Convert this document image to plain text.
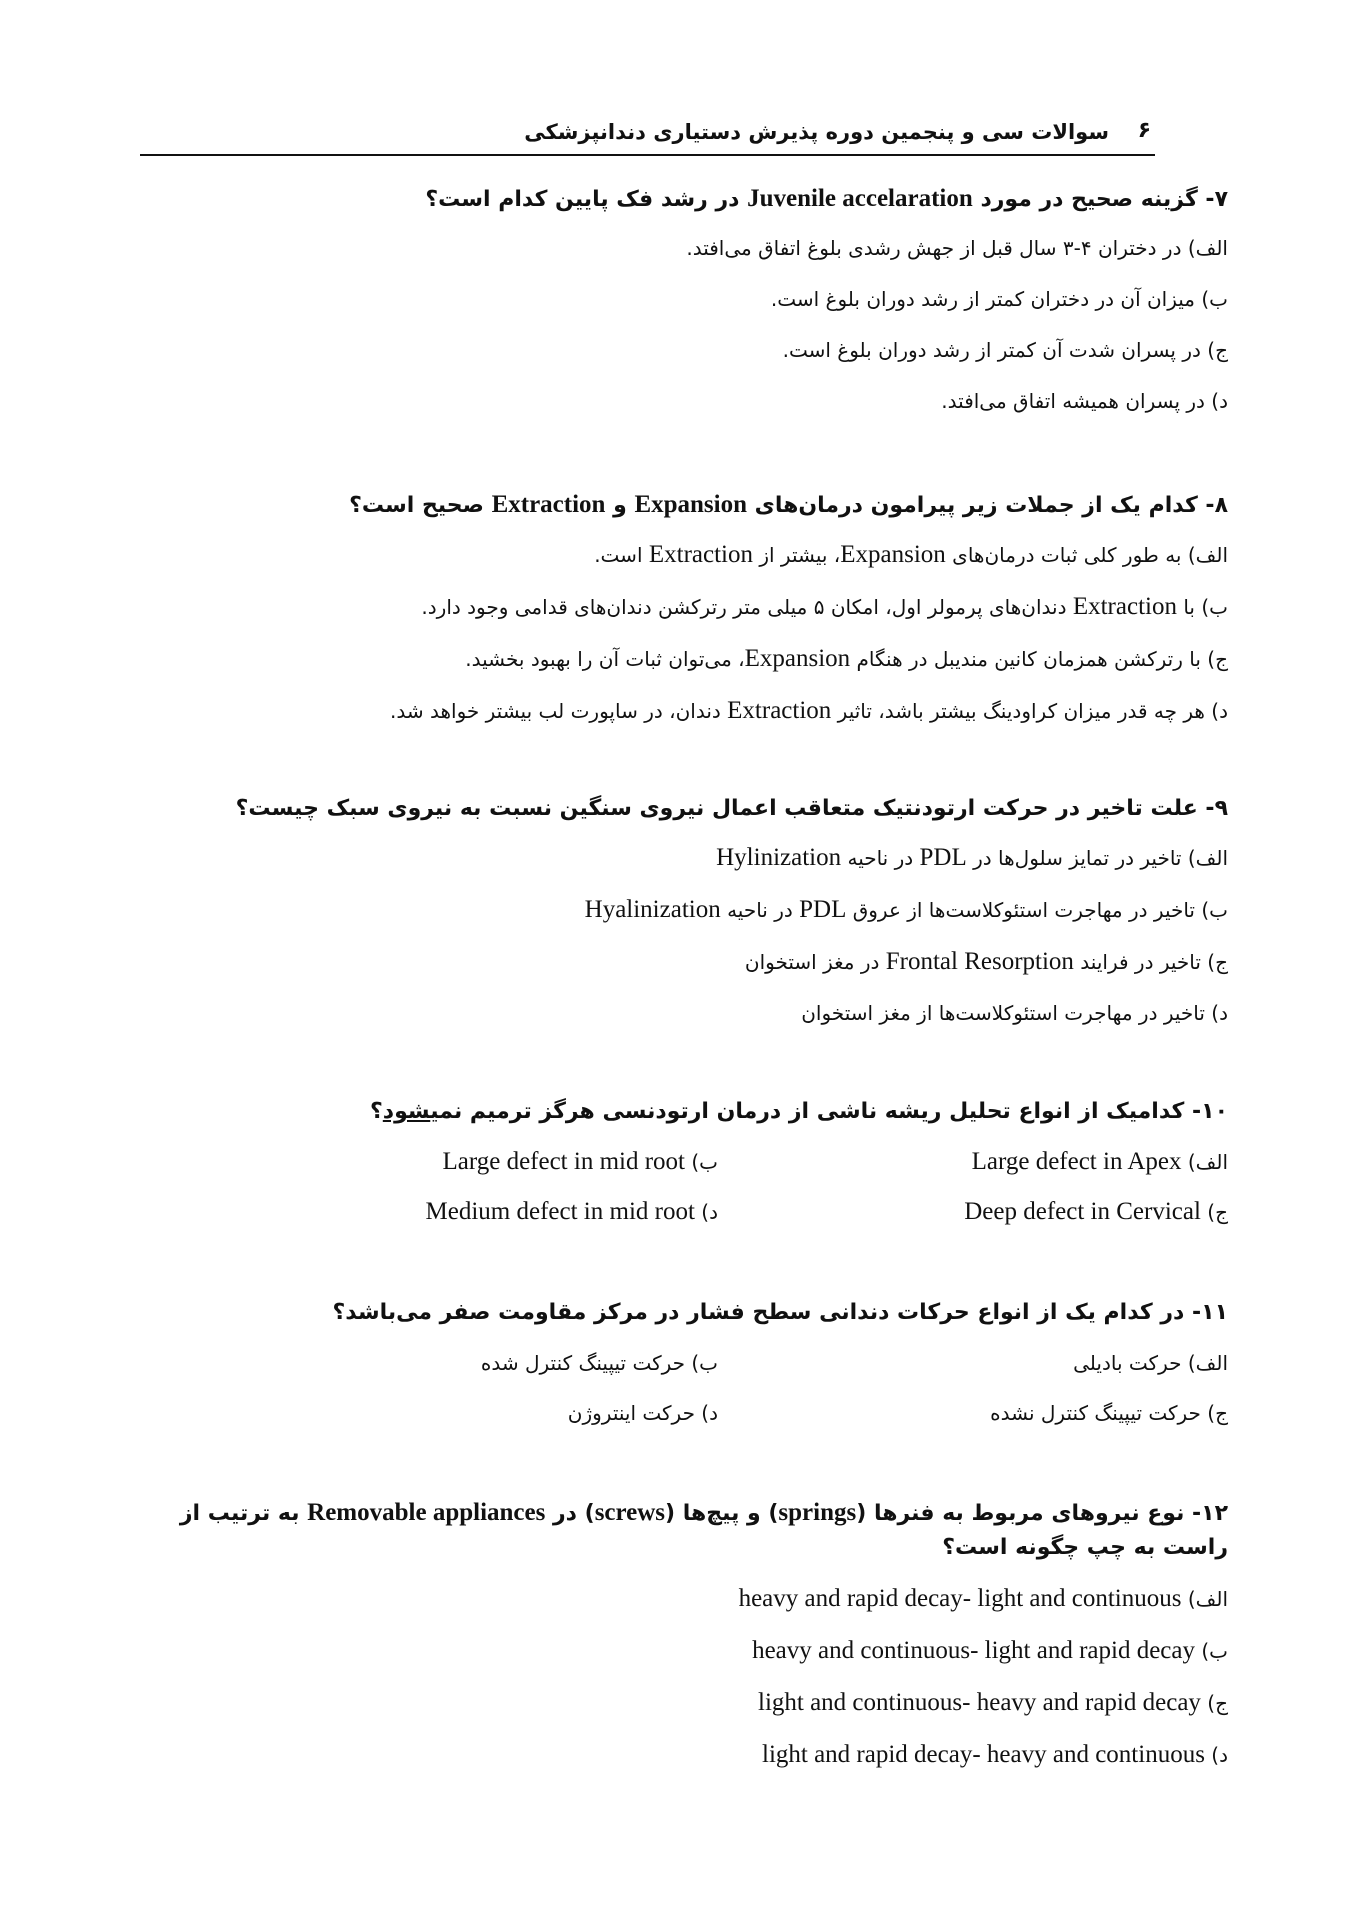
۶
سوالات سی و پنجمین دوره پذیرش دستیاری دندانپزشکی

۷- گزینه صحیح در مورد Juvenile accelaration در رشد فک پایین کدام است؟

الف) در دختران ۴-۳ سال قبل از جهش رشدی بلوغ اتفاق می‌افتد.
ب) میزان آن در دختران کمتر از رشد دوران بلوغ است.
ج) در پسران شدت آن کمتر از رشد دوران بلوغ است.
د) در پسران همیشه اتفاق می‌افتد.

۸- کدام یک از جملات زیر پیرامون درمان‌های Expansion و Extraction صحیح است؟

الف) به طور کلی ثبات درمان‌های Expansion، بیشتر از Extraction است.
ب) با Extraction دندان‌های پرمولر اول، امکان ۵ میلی متر رترکشن دندان‌های قدامی وجود دارد.
ج) با رترکشن همزمان کانین مندیبل در هنگام Expansion، می‌توان ثبات آن را بهبود بخشید.
د) هر چه قدر میزان کراودینگ بیشتر باشد، تاثیر Extraction دندان، در ساپورت لب بیشتر خواهد شد.

۹- علت تاخیر در حرکت ارتودنتیک متعاقب اعمال نیروی سنگین نسبت به نیروی سبک چیست؟

الف) تاخیر در تمایز سلول‌ها در PDL در ناحیه Hylinization
ب) تاخیر در مهاجرت استئوکلاست‌ها از عروق PDL در ناحیه Hyalinization
ج) تاخیر در فرایند Frontal Resorption در مغز استخوان
د) تاخیر در مهاجرت استئوکلاست‌ها از مغز استخوان

۱۰- کدامیک از انواع تحلیل ریشه ناشی از درمان ارتودنسی هرگز ترمیم نمیشود؟

الف) Large defect in Apex
ب) Large defect in mid root
ج) Deep defect in Cervical
د) Medium defect in mid root

۱۱- در کدام یک از انواع حرکات دندانی سطح فشار در مرکز مقاومت صفر می‌باشد؟

الف) حرکت بادیلی
ب) حرکت تیپینگ کنترل شده
ج) حرکت تیپینگ کنترل نشده
د) حرکت اینتروژن

۱۲- نوع نیروهای مربوط به فنرها (springs) و پیچ‌ها (screws) در Removable appliances به ترتیب از راست به چپ چگونه است؟

الف) heavy and rapid decay- light and continuous
ب) heavy and continuous- light and rapid decay
ج) light and continuous- heavy and rapid decay
د) light and rapid decay- heavy and continuous
